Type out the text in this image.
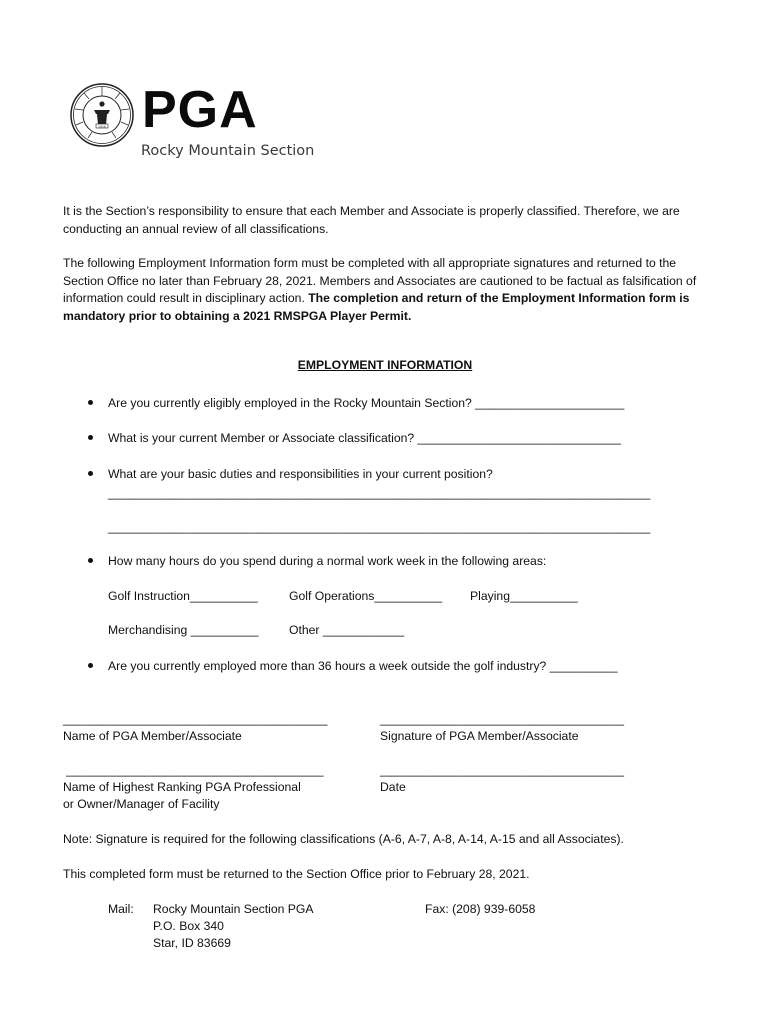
1916 PGA
Rocky Mountain Section
It is the Section’s responsibility to ensure that each Member and Associate is properly classified. Therefore, we are conducting an annual review of all classifications.
The following Employment Information form must be completed with all appropriate signatures and returned to the Section Office no later than February 28, 2021. Members and Associates are cautioned to be factual as falsification of information could result in disciplinary action. The completion and return of the Employment Information form is mandatory prior to obtaining a 2021 RMSPGA Player Permit.
EMPLOYMENT INFORMATION
Are you currently eligibly employed in the Rocky Mountain Section? ______________________
What is your current Member or Associate classification? ______________________________
What are your basic duties and responsibilities in your current position?
________________________________________________________________________________
________________________________________________________________________________
How many hours do you spend during a normal work week in the following areas:
Golf Instruction__________	Golf Operations__________ Playing__________
Merchandising __________	Other ____________
Are you currently employed more than 36 hours a week outside the golf industry? __________
_______________________________________
Name of PGA Member/Associate
____________________________________
Signature of PGA Member/Associate
______________________________________
Name of Highest Ranking PGA Professional
or Owner/Manager of Facility
____________________________________
Date
Note: Signature is required for the following classifications (A-6, A-7, A-8, A-14, A-15 and all Associates).
This completed form must be returned to the Section Office prior to February 28, 2021.
Mail: Rocky Mountain Section PGA
P.O. Box 340
Star, ID 83669
Fax: (208) 939-6058
